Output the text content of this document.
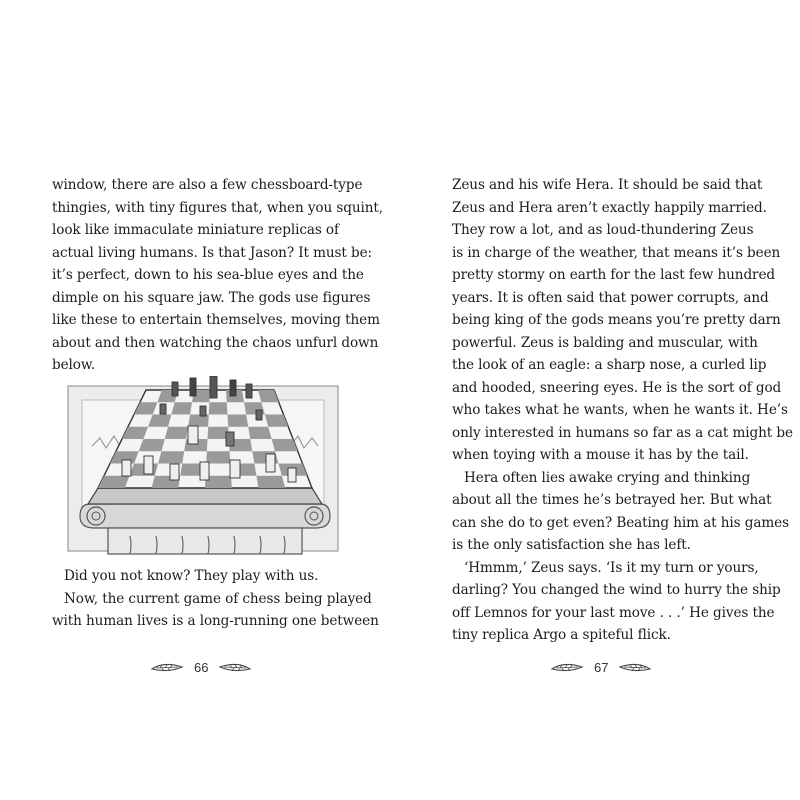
window, there are also a few chessboard-type
thingies, with tiny figures that, when you squint,
look like immaculate miniature replicas of
actual living humans. Is that Jason? It must be:
it’s perfect, down to his sea-blue eyes and the
dimple on his square jaw. The gods use figures
like these to entertain themselves, moving them
about and then watching the chaos unfurl down
below.
Did you not know? They play with us.
Now, the current game of chess being played
with human lives is a long-running one between
66
Zeus and his wife Hera. It should be said that
Zeus and Hera aren’t exactly happily married.
They row a lot, and as loud-thundering Zeus
is in charge of the weather, that means it’s been
pretty stormy on earth for the last few hundred
years. It is often said that power corrupts, and
being king of the gods means you’re pretty darn
powerful. Zeus is balding and muscular, with
the look of an eagle: a sharp nose, a curled lip
and hooded, sneering eyes. He is the sort of god
who takes what he wants, when he wants it. He’s
only interested in humans so far as a cat might be
when toying with a mouse it has by the tail.
Hera often lies awake crying and thinking
about all the times he’s betrayed her. But what
can she do to get even? Beating him at his games
is the only satisfaction she has left.
‘Hmmm,’ Zeus says. ‘Is it my turn or yours,
darling? You changed the wind to hurry the ship
off Lemnos for your last move . . .’ He gives the
tiny replica Argo a spiteful flick.
67
